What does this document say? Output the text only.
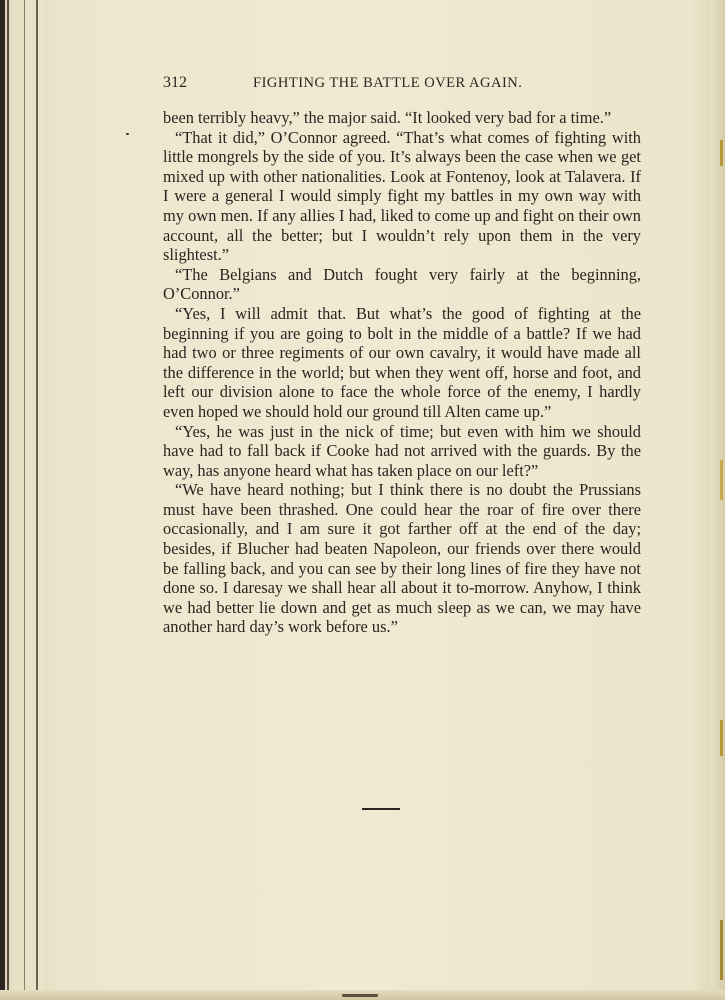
312	FIGHTING THE BATTLE OVER AGAIN.

been terribly heavy,” the major said. “It looked very bad for a time.”

“That it did,” O’Connor agreed. “That’s what comes of fighting with little mongrels by the side of you. It’s always been the case when we get mixed up with other nationalities. Look at Fontenoy, look at Talavera. If I were a general I would simply fight my battles in my own way with my own men. If any allies I had, liked to come up and fight on their own account, all the better; but I wouldn’t rely upon them in the very slightest.”

“The Belgians and Dutch fought very fairly at the beginning, O’Connor.”

“Yes, I will admit that. But what’s the good of fighting at the beginning if you are going to bolt in the middle of a battle? If we had had two or three regiments of our own cavalry, it would have made all the difference in the world; but when they went off, horse and foot, and left our division alone to face the whole force of the enemy, I hardly even hoped we should hold our ground till Alten came up.”

“Yes, he was just in the nick of time; but even with him we should have had to fall back if Cooke had not arrived with the guards. By the way, has anyone heard what has taken place on our left?”

“We have heard nothing; but I think there is no doubt the Prussians must have been thrashed. One could hear the roar of fire over there occasionally, and I am sure it got farther off at the end of the day; besides, if Blucher had beaten Napoleon, our friends over there would be falling back, and you can see by their long lines of fire they have not done so. I daresay we shall hear all about it to-morrow. Anyhow, I think we had better lie down and get as much sleep as we can, we may have another hard day’s work before us.”
